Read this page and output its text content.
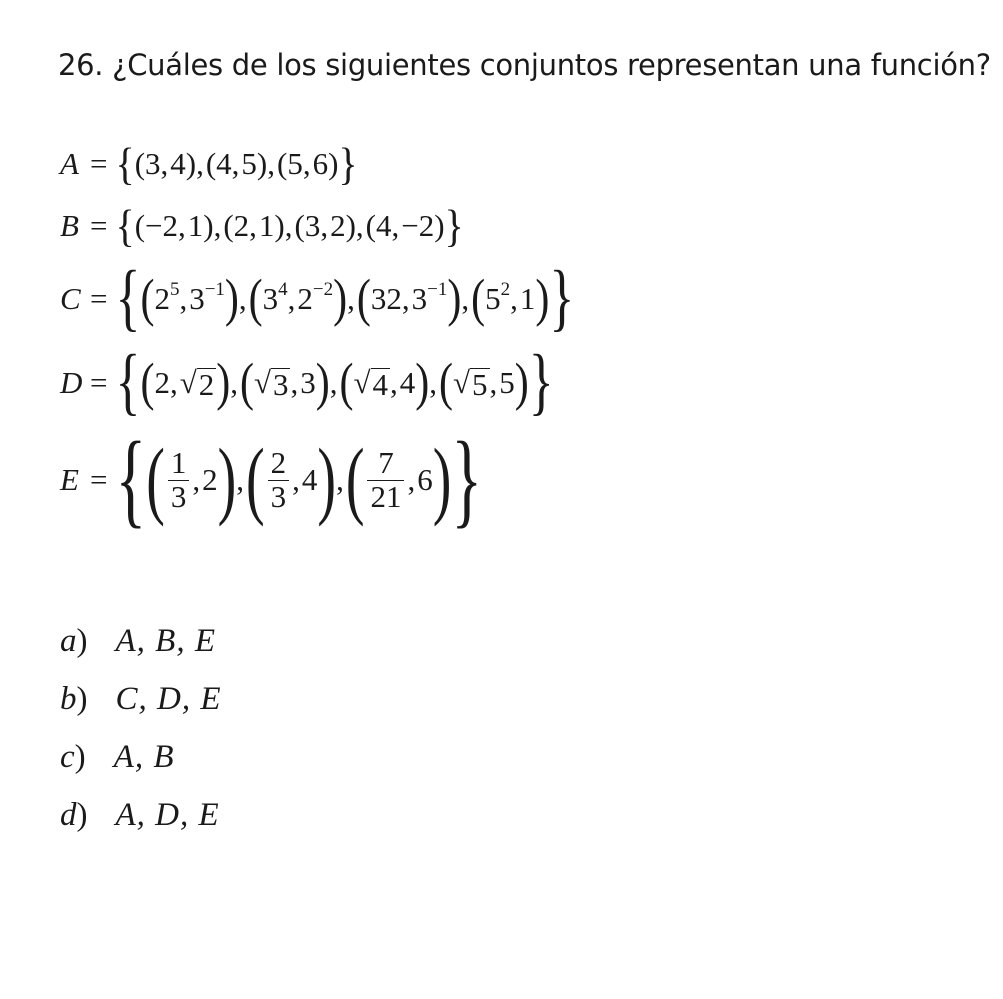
26. ¿Cuáles de los siguientes conjuntos representan una función?
A = { (3,4) , (4,5) , (5,6) }
B = { (−2,1) , (2,1) , (3,2) , (4,−2) }
C = { ( $2^5,3^{-1}$ ) , ( $3^4,2^{-2}$ ) , ( $32,3^{-1}$ ) , ( $5^2,1$ ) }
D = { ( 2, √ 2 ) , ( √ 3 ,3 ) , ( √ 4 ,4 ) , ( √ 5 ,5 ) }
E = { ( $\frac{1}{3}$ , 2 ) , ( $\frac{2}{3}$ , 4 ) , ( $\frac{7}{21}$ , 6 ) }
a ) A, B, E
b ) C, D, E
c ) A, B
d ) A, D, E
